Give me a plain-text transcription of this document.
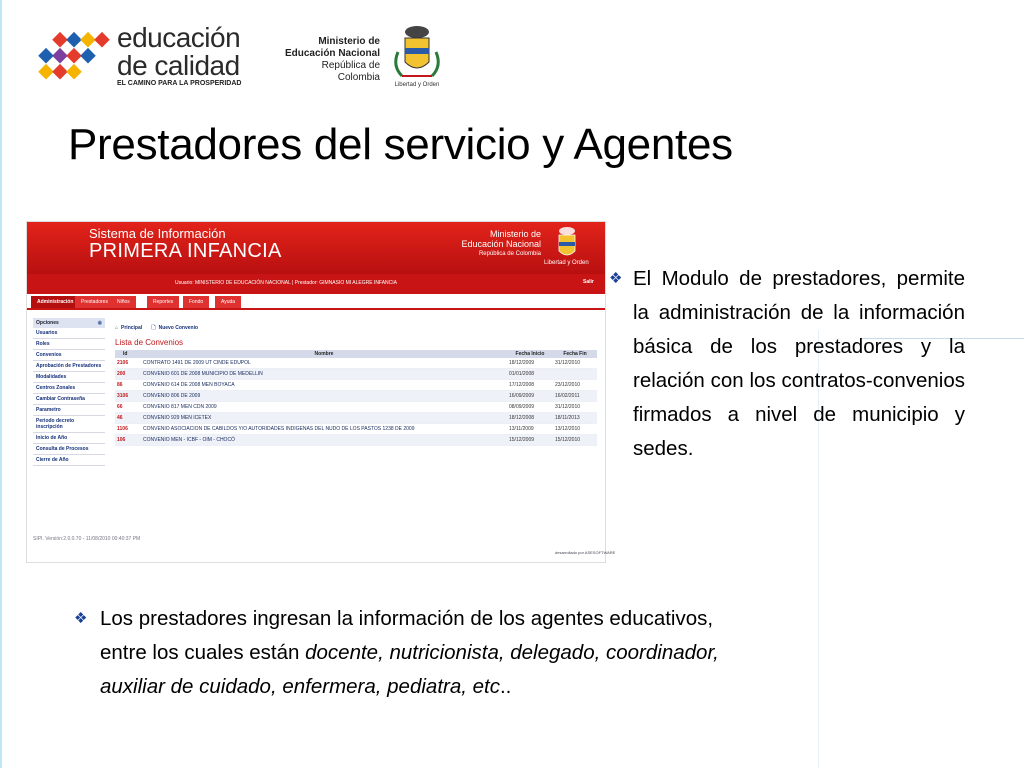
educación
de calidad
EL CAMINO PARA LA PROSPERIDAD
Ministerio de
Educación Nacional
República de Colombia
Libertad y Orden
Prestadores del servicio y Agentes
Sistema de Información
PRIMERA INFANCIA
Ministerio de
Educación Nacional
República de Colombia
Libertad y Orden
Usuario: MINISTERIO DE EDUCACIÓN NACIONAL | Prestador: GIMNASIO MI ALEGRE INFANCIA	Salir
Administración	Prestadores	Niños	Reportes	Fondo	Ayuda
Opciones	◉
Usuarios
Roles
Convenios
Aprobación de Prestadores
Modalidades
Centros Zonales
Cambiar Contraseña
Parametro
Periodo decreto inscripción
Inicio de Año
Consulta de Procesos
Cierre de Año
⌂ Principal 🗋 Nuevo Convenio
Lista de Convenios
Id	Nombre	Fecha Inicio	Fecha Fin
2106	CONTRATO 1491 DE 2009 UT CINDE EDUPOL	18/12/2009	31/12/2010
200	CONVENIO 601 DE 2008 MUNICIPIO DE MEDELLIN	01/01/2008	
86	CONVENIO 614 DE 2008 MEN BOYACA	17/12/2008	23/12/2010
3106	CONVENIO 806 DE 2009	16/09/2009	16/02/2011
66	CONVENIO 817 MEN CDN 2009	08/09/2009	31/12/2010
46	CONVENIO 929 MEN ICETEX	18/12/2008	18/11/2013
1106	CONVENIO ASOCIACION DE CABILDOS Y/O AUTORIDADES INDIGENAS DEL NUDO DE LOS PASTOS 1238 DE 2009	13/11/2009	13/12/2010
106	CONVENIO MEN - ICBF - OIM - CHOCÓ	15/12/2009	15/12/2010
SIPI. Versión:2.0.0.70 - 11/08/2010 00:40:37 PM
desarrollado por ASESOFTWARE
❖ El Modulo de prestadores, permite la administración de la información básica de los prestadores y la relación con los contratos-convenios firmados a nivel de municipio y sedes.
❖ Los prestadores ingresan la información de los agentes educativos,
entre los cuales están docente, nutricionista, delegado, coordinador,
auxiliar de cuidado, enfermera, pediatra, etc..
